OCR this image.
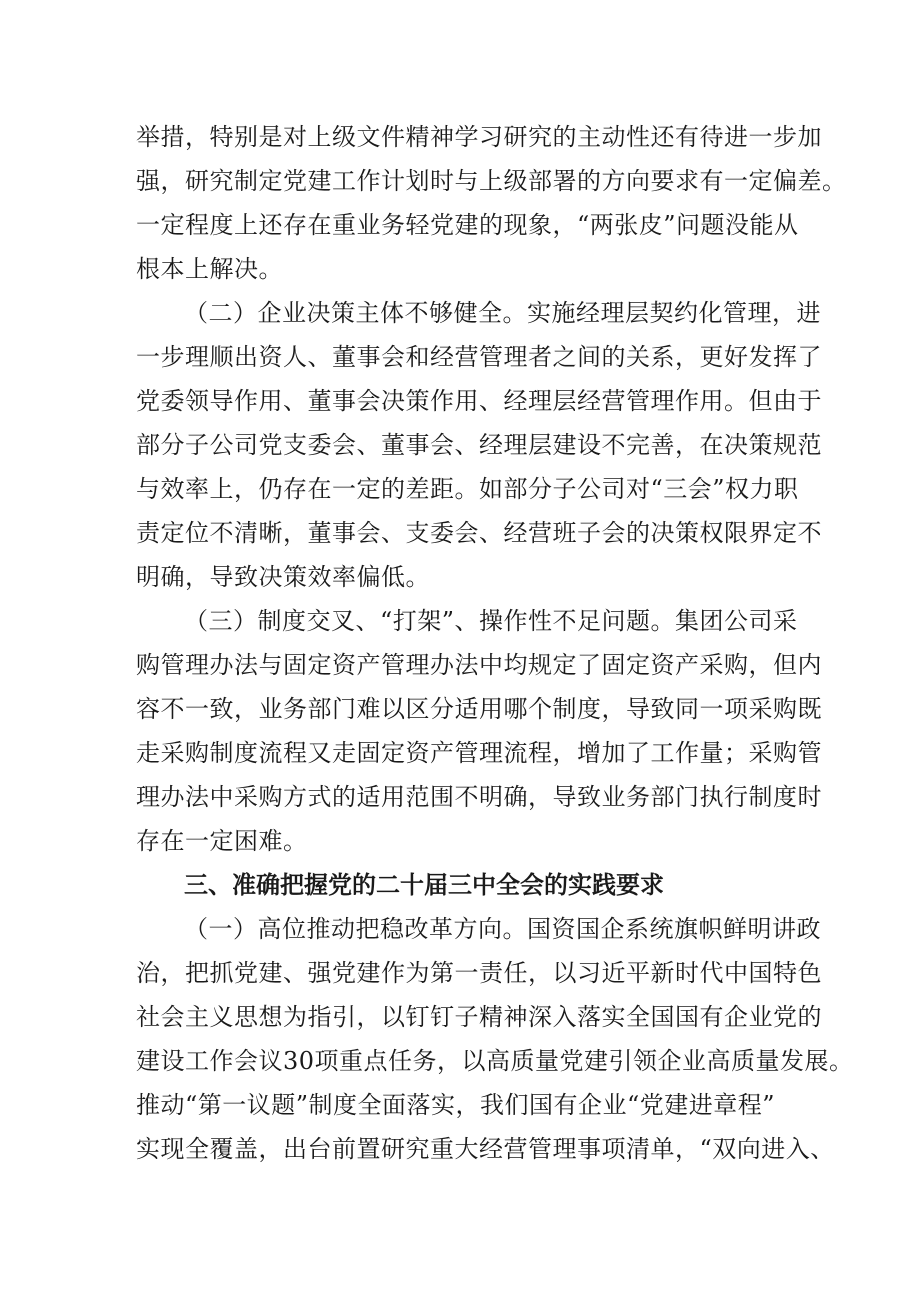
举措，特别是对上级文件精神学习研究的主动性还有待进一步加
强，研究制定党建工作计划时与上级部署的方向要求有一定偏差。
一定程度上还存在重业务轻党建的现象，“两张皮”问题没能从
根本上解决。
（二）企业决策主体不够健全。实施经理层契约化管理，进
一步理顺出资人、董事会和经营管理者之间的关系，更好发挥了
党委领导作用、董事会决策作用、经理层经营管理作用。但由于
部分子公司党支委会、董事会、经理层建设不完善，在决策规范
与效率上，仍存在一定的差距。如部分子公司对“三会”权力职
责定位不清晰，董事会、支委会、经营班子会的决策权限界定不
明确，导致决策效率偏低。
（三）制度交叉、“打架”、操作性不足问题。集团公司采
购管理办法与固定资产管理办法中均规定了固定资产采购，但内
容不一致，业务部门难以区分适用哪个制度，导致同一项采购既
走采购制度流程又走固定资产管理流程，增加了工作量；采购管
理办法中采购方式的适用范围不明确，导致业务部门执行制度时
存在一定困难。
三、准确把握党的二十届三中全会的实践要求
（一）高位推动把稳改革方向。国资国企系统旗帜鲜明讲政
治，把抓党建、强党建作为第一责任，以习近平新时代中国特色
社会主义思想为指引，以钉钉子精神深入落实全国国有企业党的
建设工作会议30项重点任务，以高质量党建引领企业高质量发展。
推动“第一议题”制度全面落实，我们国有企业“党建进章程”
实现全覆盖，出台前置研究重大经营管理事项清单，“双向进入、
